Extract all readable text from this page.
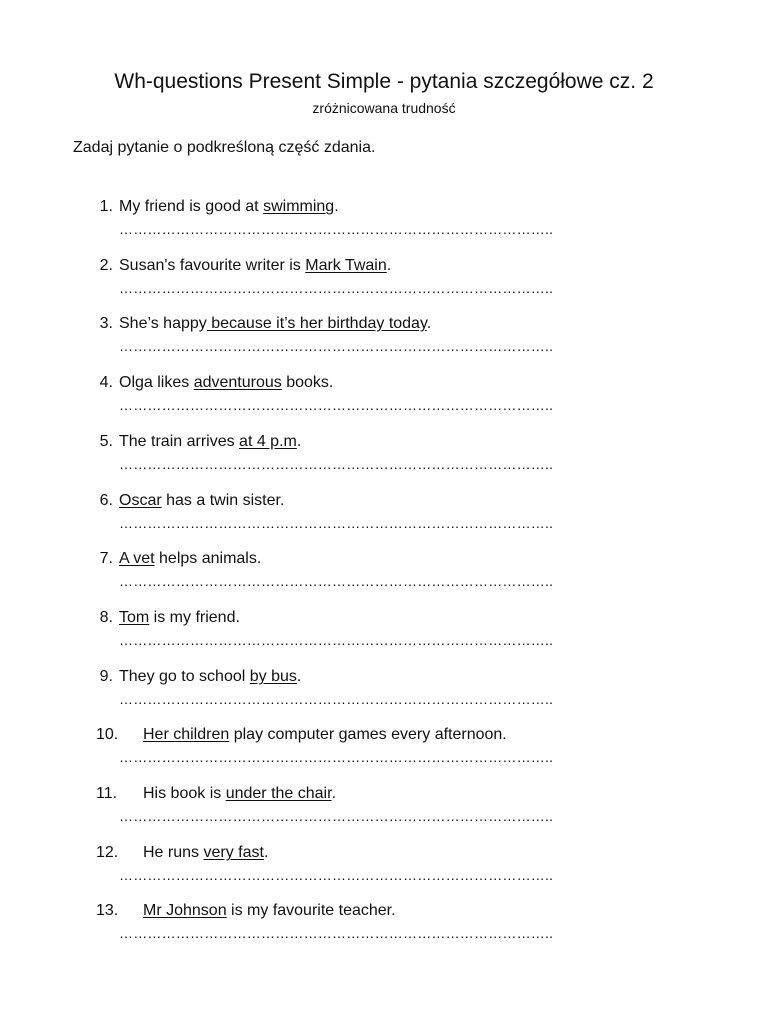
Wh-questions Present Simple - pytania szczegółowe cz. 2
zróżnicowana trudność
Zadaj pytanie o podkreśloną część zdania.
1. My friend is good at swimming.
………………………………………………………………………………..
2. Susan's favourite writer is Mark Twain.
………………………………………………………………………………..
3. She’s happy because it’s her birthday today.
………………………………………………………………………………..
4. Olga likes adventurous books.
………………………………………………………………………………..
5. The train arrives at 4 p.m.
………………………………………………………………………………..
6. Oscar has a twin sister.
………………………………………………………………………………..
7. A vet helps animals.
………………………………………………………………………………..
8. Tom is my friend.
………………………………………………………………………………..
9. They go to school by bus.
………………………………………………………………………………..
10.	Her children play computer games every afternoon.
………………………………………………………………………………..
11.	His book is under the chair.
………………………………………………………………………………..
12.	He runs very fast.
………………………………………………………………………………..
13.	Mr Johnson is my favourite teacher.
………………………………………………………………………………..
